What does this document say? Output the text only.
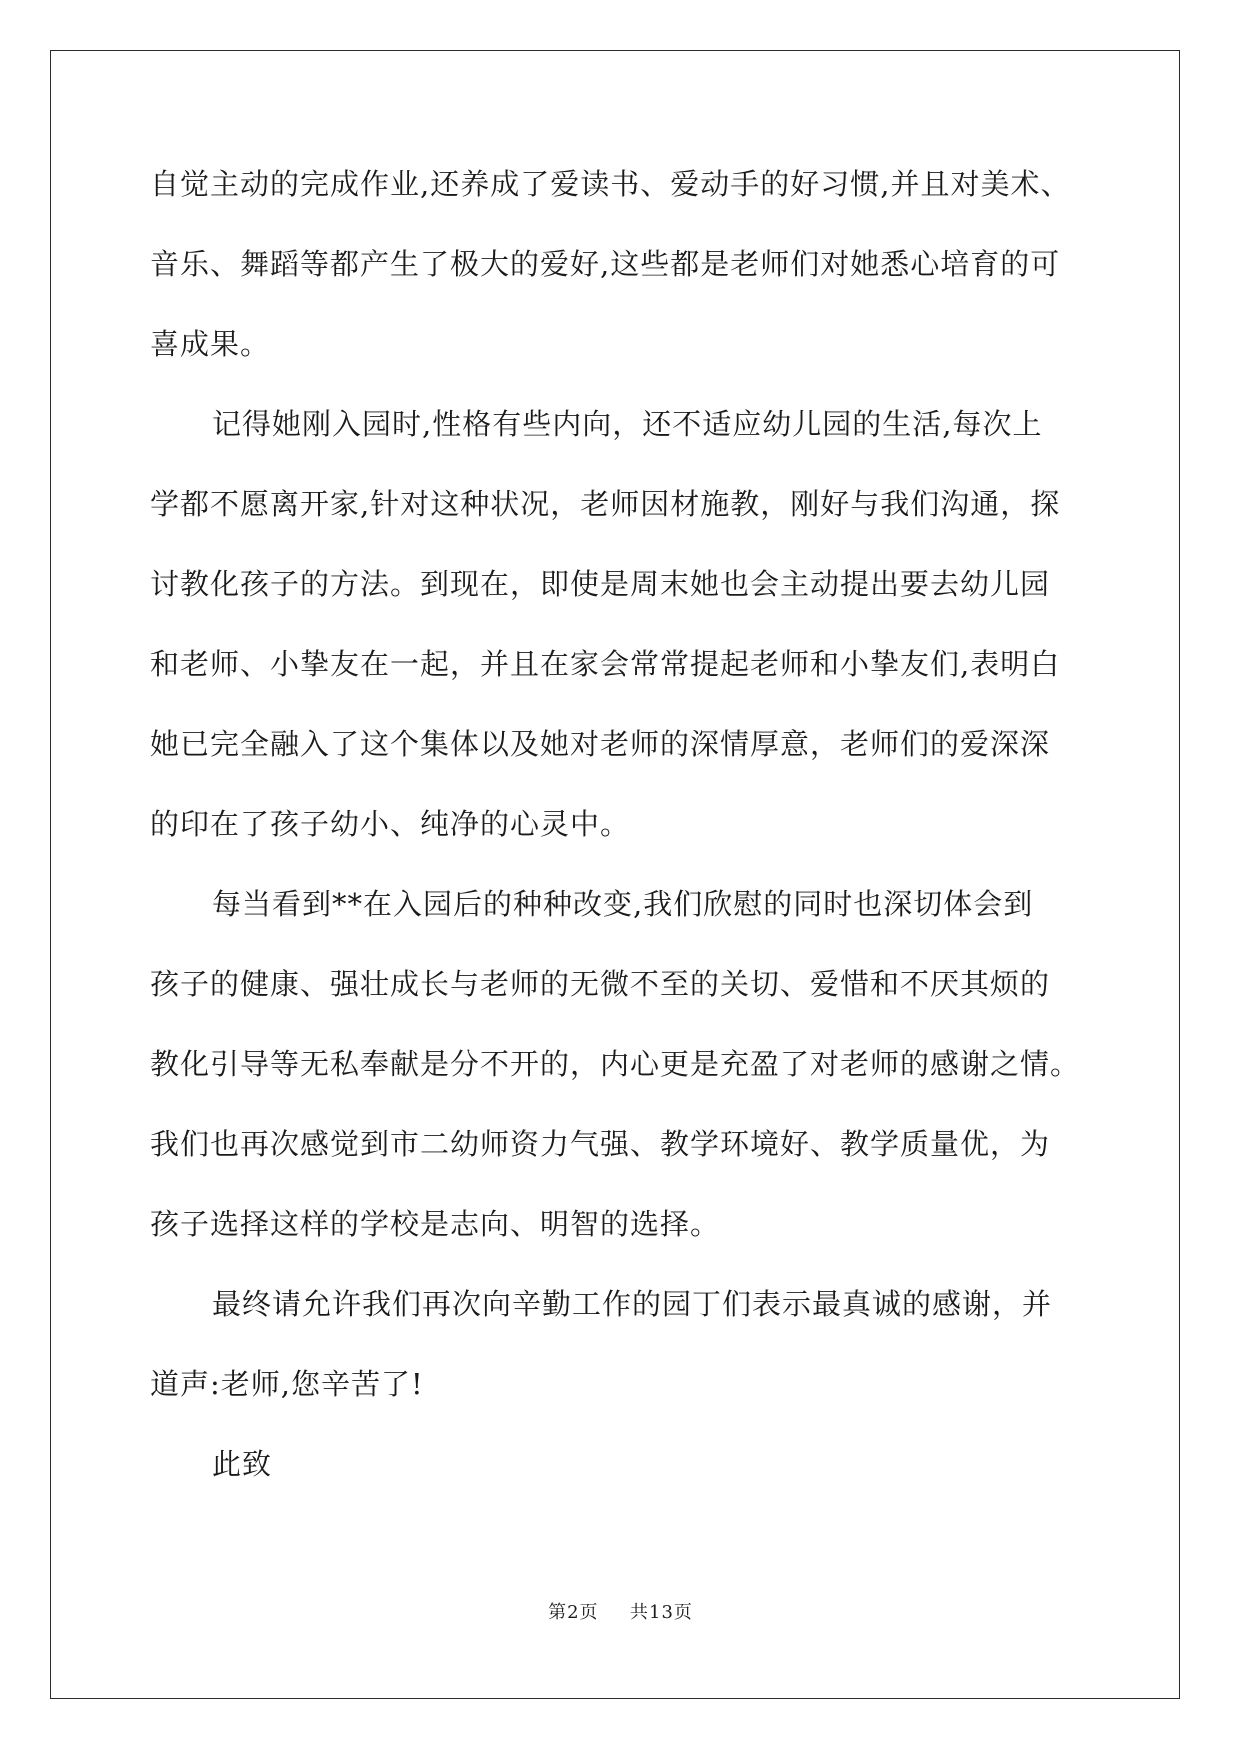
自觉主动的完成作业,还养成了爱读书、爱动手的好习惯,并且对美术、
音乐、舞蹈等都产生了极大的爱好,这些都是老师们对她悉心培育的可
喜成果。
记得她刚入园时,性格有些内向，还不适应幼儿园的生活,每次上
学都不愿离开家,针对这种状况，老师因材施教，刚好与我们沟通，探
讨教化孩子的方法。到现在，即使是周末她也会主动提出要去幼儿园
和老师、小挚友在一起，并且在家会常常提起老师和小挚友们,表明白
她已完全融入了这个集体以及她对老师的深情厚意，老师们的爱深深
的印在了孩子幼小、纯净的心灵中。
每当看到**在入园后的种种改变,我们欣慰的同时也深切体会到
孩子的健康、强壮成长与老师的无微不至的关切、爱惜和不厌其烦的
教化引导等无私奉献是分不开的，内心更是充盈了对老师的感谢之情。
我们也再次感觉到市二幼师资力气强、教学环境好、教学质量优，为
孩子选择这样的学校是志向、明智的选择。
最终请允许我们再次向辛勤工作的园丁们表示最真诚的感谢，并
道声:老师,您辛苦了!
此致
第2页 共13页
